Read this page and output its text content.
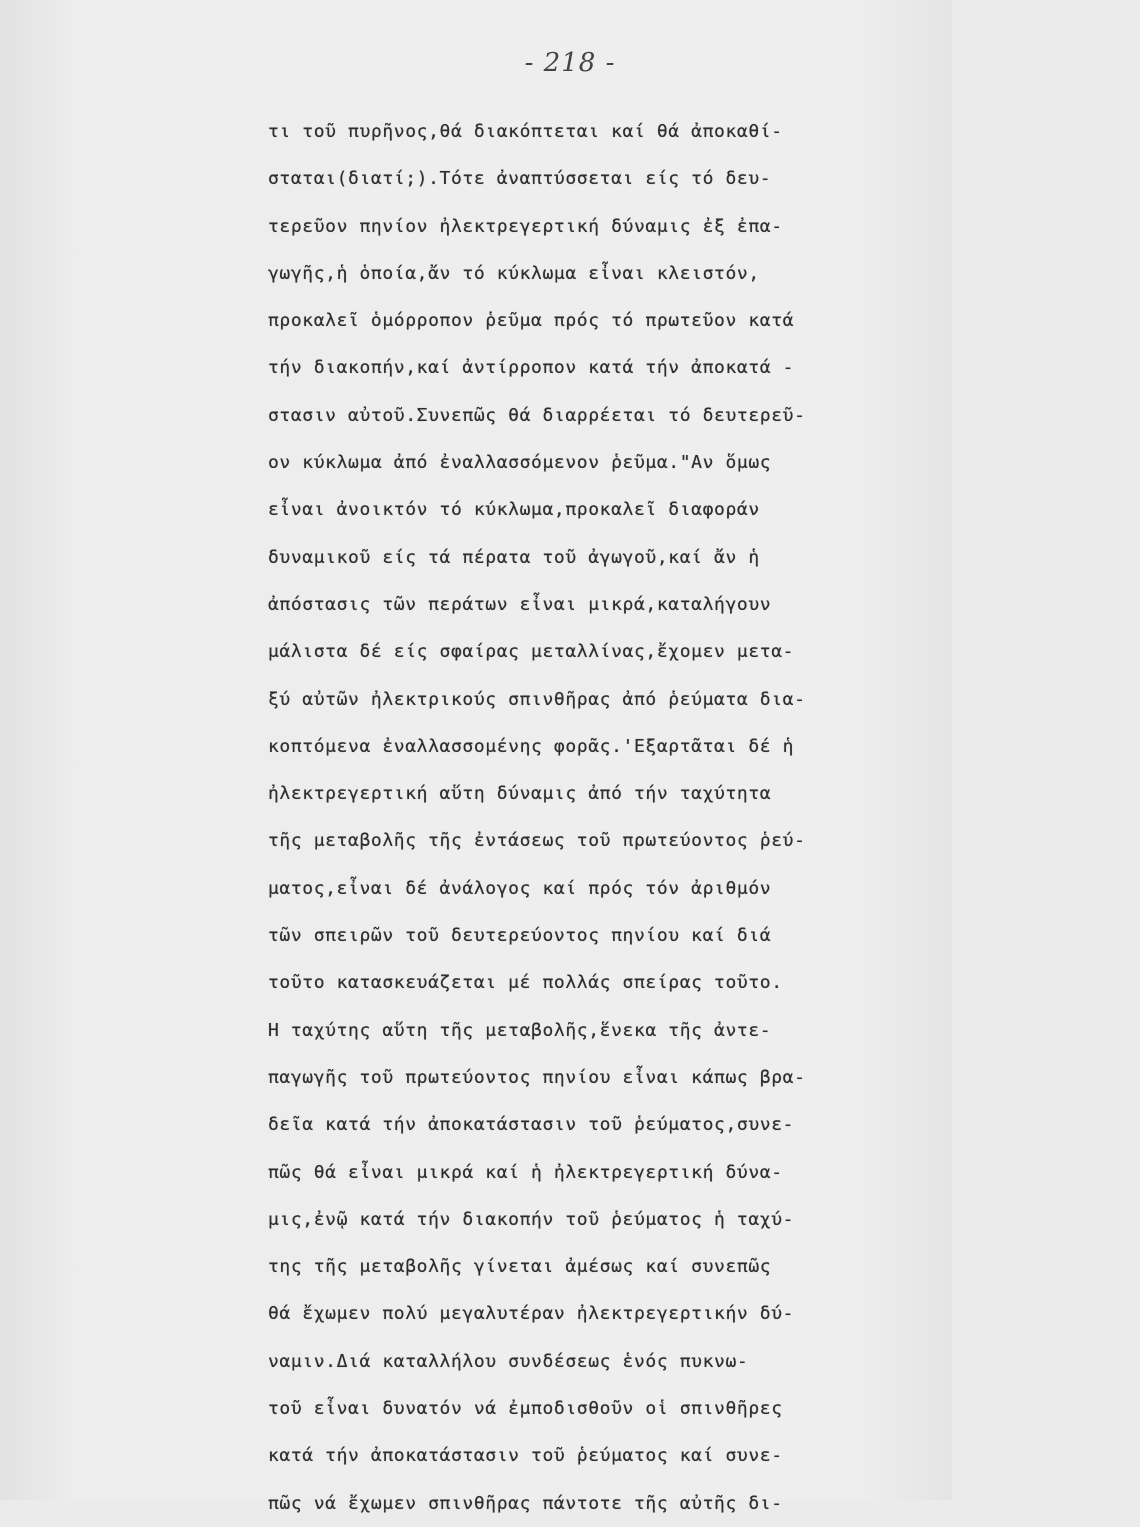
- 218 -
τι τοῦ πυρῆνος,θά διακόπτεται καί θά ἀποκαθί-
σταται(διατί;).Τότε ἀναπτύσσεται είς τό δευ-
τερεῦον πηνίον ἠλεκτρεγερτική δύναμις ἐξ ἐπα-
γωγῆς,ἡ ὁποία,ἄν τό κύκλωμα εἶναι κλειστόν,
προκαλεῖ ὁμόρροπον ῥεῦμα πρός τό πρωτεῦον κατά
τήν διακοπήν,καί ἀντίρροπον κατά τήν ἀποκατά -
στασιν αὐτοῦ.Συνεπῶς θά διαρρέεται τό δευτερεῦ-
ον κύκλωμα ἀπό ἐναλλασσόμενον ῥεῦμα."Αν ὅμως
εἶναι ἀνοικτόν τό κύκλωμα,προκαλεῖ διαφοράν
δυναμικοῦ είς τά πέρατα τοῦ ἀγωγοῦ,καί ἄν ἡ
ἀπόστασις τῶν περάτων εἶναι μικρά,καταλήγουν
μάλιστα δέ είς σφαίρας μεταλλίνας,ἔχομεν μετα-
ξύ αὐτῶν ἠλεκτρικούς σπινθῆρας ἀπό ῥεύματα δια-
κοπτόμενα ἐναλλασσομένης φορᾶς.'Εξαρτᾶται δέ ἡ
ἠλεκτρεγερτική αὕτη δύναμις ἀπό τήν ταχύτητα
τῆς μεταβολῆς τῆς ἐντάσεως τοῦ πρωτεύοντος ῥεύ-
ματος,εἶναι δέ ἀνάλογος καί πρός τόν ἀριθμόν
τῶν σπειρῶν τοῦ δευτερεύοντος πηνίου καί διά
τοῦτο κατασκευάζεται μέ πολλάς σπείρας τοῦτο.
Η ταχύτης αὕτη τῆς μεταβολῆς,ἕνεκα τῆς ἀντε-
παγωγῆς τοῦ πρωτεύοντος πηνίου εἶναι κάπως βρα-
δεῖα κατά τήν ἀποκατάστασιν τοῦ ῥεύματος,συνε-
πῶς θά εἶναι μικρά καί ἡ ἠλεκτρεγερτική δύνα-
μις,ἐνῷ κατά τήν διακοπήν τοῦ ῥεύματος ἡ ταχύ-
της τῆς μεταβολῆς γίνεται ἀμέσως καί συνεπῶς
θά ἔχωμεν πολύ μεγαλυτέραν ἠλεκτρεγερτικήν δύ-
ναμιν.Διά καταλλήλου συνδέσεως ἑνός πυκνω-
τοῦ εἶναι δυνατόν νά ἐμποδισθοῦν οἱ σπινθῆρες
κατά τήν ἀποκατάστασιν τοῦ ῥεύματος καί συνε-
πῶς νά ἔχωμεν σπινθῆρας πάντοτε τῆς αὐτῆς δι-
